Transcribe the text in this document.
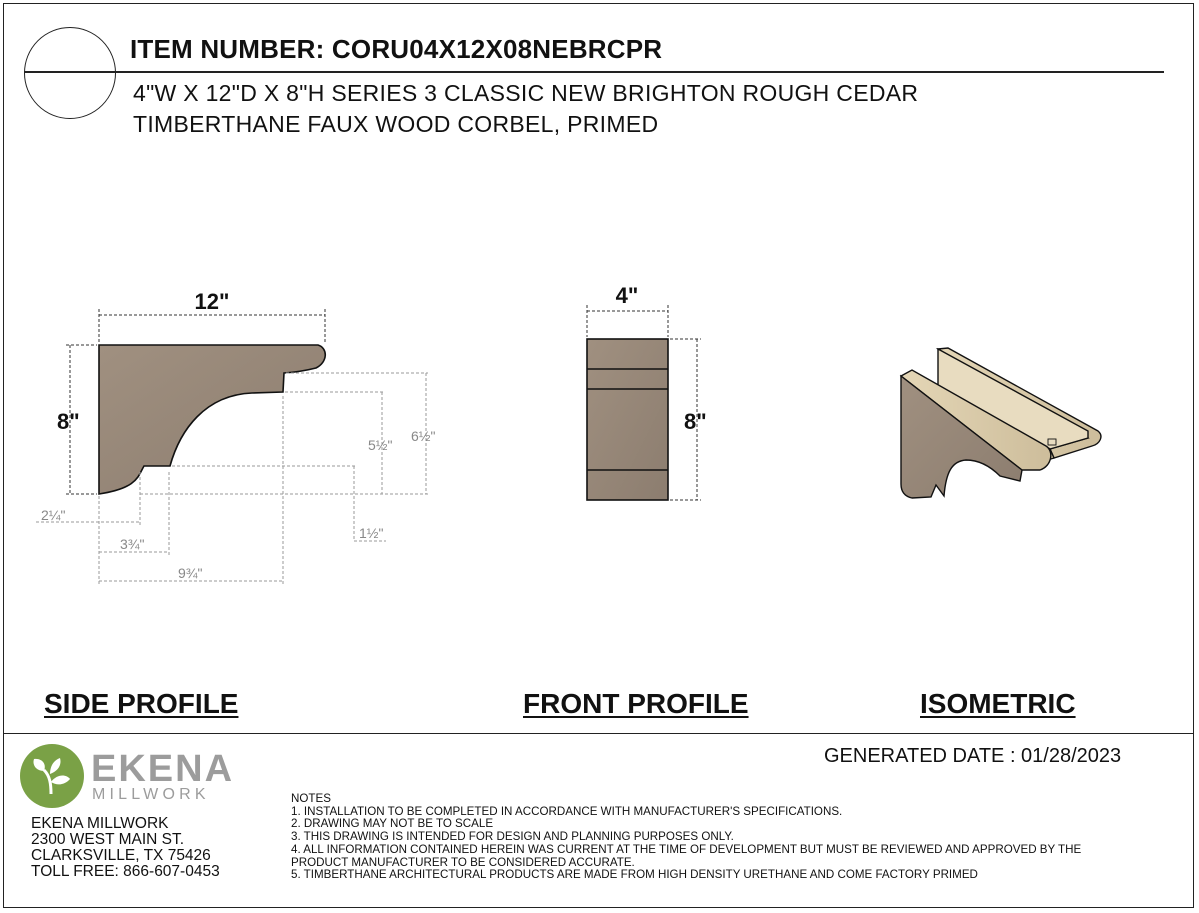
ITEM NUMBER: CORU04X12X08NEBRCPR
4"W X 12"D X 8"H SERIES 3 CLASSIC NEW BRIGHTON ROUGH CEDAR
TIMBERTHANE FAUX WOOD CORBEL, PRIMED
12"
8"
2¼"
3¾"
9¾"
1½"
5½"
6½"
4"
8"
SIDE PROFILE	FRONT PROFILE	ISOMETRIC
EKENA
MILLWORK
EKENA MILLWORK
2300 WEST MAIN ST.
CLARKSVILLE, TX 75426
TOLL FREE: 866-607-0453
GENERATED DATE : 01/28/2023
NOTES
1. INSTALLATION TO BE COMPLETED IN ACCORDANCE WITH MANUFACTURER'S SPECIFICATIONS.
2. DRAWING MAY NOT BE TO SCALE
3. THIS DRAWING IS INTENDED FOR DESIGN AND PLANNING PURPOSES ONLY.
4. ALL INFORMATION CONTAINED HEREIN WAS CURRENT AT THE TIME OF DEVELOPMENT BUT MUST BE REVIEWED AND APPROVED BY THE
PRODUCT MANUFACTURER TO BE CONSIDERED ACCURATE.
5. TIMBERTHANE ARCHITECTURAL PRODUCTS ARE MADE FROM HIGH DENSITY URETHANE AND COME FACTORY PRIMED
